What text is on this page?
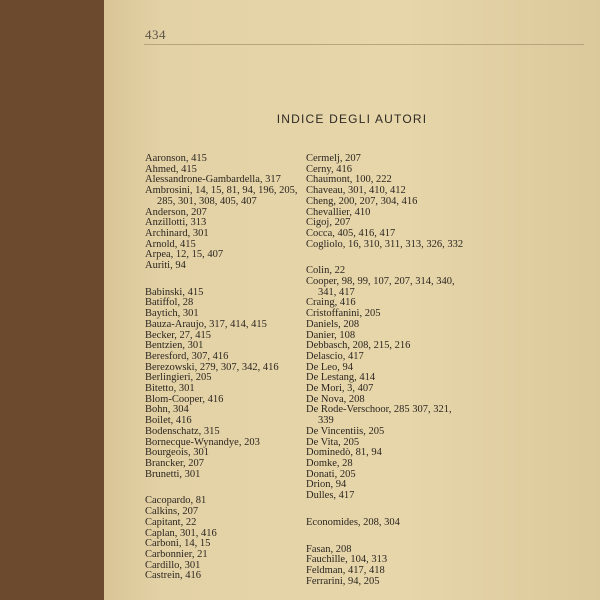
434
INDICE DEGLI AUTORI
Aaronson, 415
Ahmed, 415
Alessandrone-Gambardella, 317
Ambrosini, 14, 15, 81, 94, 196, 205,
285, 301, 308, 405, 407
Anderson, 207
Anzillotti, 313
Archinard, 301
Arnold, 415
Arpea, 12, 15, 407
Auriti, 94
Babinski, 415
Batiffol, 28
Baytich, 301
Bauza-Araujo, 317, 414, 415
Becker, 27, 415
Bentzien, 301
Beresford, 307, 416
Berezowski, 279, 307, 342, 416
Berlingieri, 205
Bitetto, 301
Blom-Cooper, 416
Bohn, 304
Boilet, 416
Bodenschatz, 315
Bornecque-Wynandye, 203
Bourgeois, 301
Brancker, 207
Brunetti, 301
Cacopardo, 81
Calkins, 207
Capitant, 22
Caplan, 301, 416
Carboni, 14, 15
Carbonnier, 21
Cardillo, 301
Castrein, 416
Cermelj, 207
Cerny, 416
Chaumont, 100, 222
Chaveau, 301, 410, 412
Cheng, 200, 207, 304, 416
Chevallier, 410
Cigoj, 207
Cocca, 405, 416, 417
Cogliolo, 16, 310, 311, 313, 326, 332
Colin, 22
Cooper, 98, 99, 107, 207, 314, 340,
341, 417
Craing, 416
Cristoffanini, 205
Daniels, 208
Danier, 108
Debbasch, 208, 215, 216
Delascio, 417
De Leo, 94
De Lestang, 414
De Mori, 3, 407
De Nova, 208
De Rode-Verschoor, 285 307, 321,
339
De Vincentiis, 205
De Vita, 205
Dominedò, 81, 94
Domke, 28
Donati, 205
Drion, 94
Dulles, 417
Economides, 208, 304
Fasan, 208
Fauchille, 104, 313
Feldman, 417, 418
Ferrarini, 94, 205
